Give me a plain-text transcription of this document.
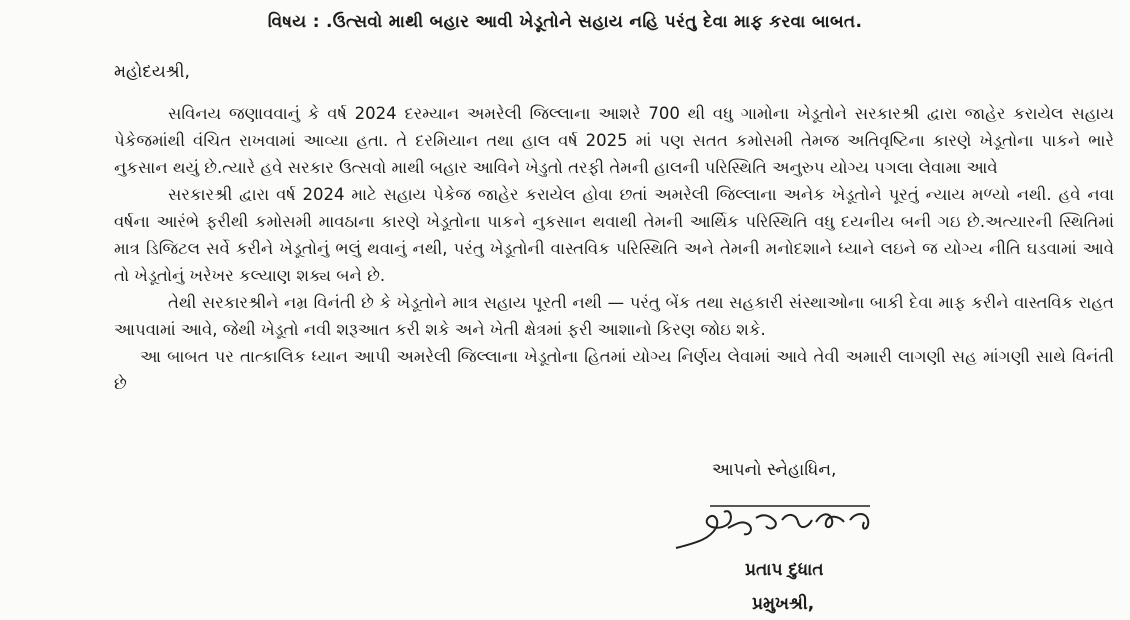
વિષય : .ઉત્સવો માથી બહાર આવી ખેડૂતોને સહાય નહિ પરંતુ દેવા માફ કરવા બાબત.
મહોદયશ્રી,

સવિનય જણાવવાનું કે વર્ષ 2024 દરમ્યાન અમરેલી જિલ્લાના આશરે 700 થી વધુ ગામોના ખેડૂતોને સરકારશ્રી દ્વારા જાહેર કરાયેલ સહાય પેકેજમાંથી વંચિત રાખવામાં આવ્યા હતા. તે દરમિયાન તથા હાલ વર્ષ 2025 માં પણ સતત કમોસમી તેમજ અતિવૃષ્ટિના કારણે ખેડૂતોના પાકને ભારે નુકસાન થયું છે.ત્યારે હવે સરકાર ઉત્સવો માથી બહાર આવિને ખેડુતો તરફી તેમની હાલની પરિસ્થિતિ અનુરુપ યોગ્ય પગલા લેવામા આવે

સરકારશ્રી દ્વારા વર્ષ 2024 માટે સહાય પેકેજ જાહેર કરાયેલ હોવા છતાં અમરેલી જિલ્લાના અનેક ખેડૂતોને પૂરતું ન્યાય મળ્યો નથી. હવે નવા વર્ષના આરંભે ફરીથી કમોસમી માવઠાના કારણે ખેડૂતોના પાકને નુકસાન થવાથી તેમની આર્થિક પરિસ્થિતિ વધુ દયનીય બની ગઇ છે.અત્યારની સ્થિતિમાં માત્ર ડિજિટલ સર્વે કરીને ખેડૂતોનું ભલું થવાનું નથી, પરંતુ ખેડૂતોની વાસ્તવિક પરિસ્થિતિ અને તેમની મનોદશાને ધ્યાને લઇને જ યોગ્ય નીતિ ઘડવામાં આવે તો ખેડૂતોનું ખરેખર કલ્યાણ શક્ય બને છે.

તેથી સરકારશ્રીને નમ્ર વિનંતી છે કે ખેડૂતોને માત્ર સહાય પૂરતી નથી — પરંતુ બેંક તથા સહકારી સંસ્થાઓના બાકી દેવા માફ કરીને વાસ્તવિક રાહત આપવામાં આવે, જેથી ખેડૂતો નવી શરૂઆત કરી શકે અને ખેતી ક્ષેત્રમાં ફરી આશાનો કિરણ જોઇ શકે.

આ બાબત પર તાત્કાલિક ધ્યાન આપી અમરેલી જિલ્લાના ખેડૂતોના હિતમાં યોગ્ય નિર્ણય લેવામાં આવે તેવી અમારી લાગણી સહ માંગણી સાથે વિનંતી છે

આપનો સ્નેહાધિન,
પ્રતાપ દુધાત
પ્રમુખશ્રી,
